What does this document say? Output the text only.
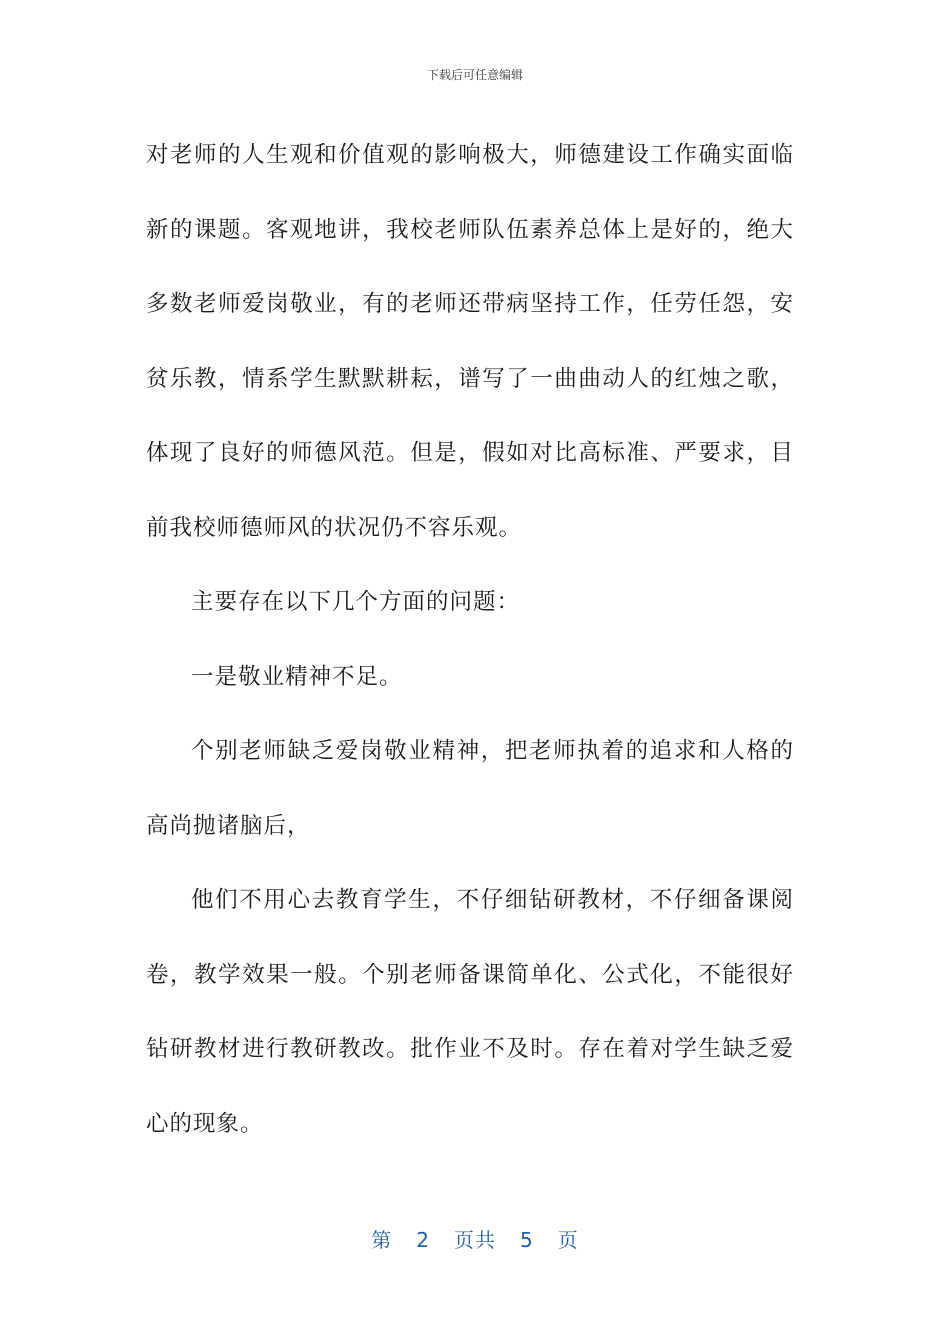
下载后可任意编辑

对老师的人生观和价值观的影响极大，师德建设工作确实面临新的课题。客观地讲，我校老师队伍素养总体上是好的，绝大多数老师爱岗敬业，有的老师还带病坚持工作，任劳任怨，安贫乐教，情系学生默默耕耘，谱写了一曲曲动人的红烛之歌，体现了良好的师德风范。但是，假如对比高标准、严要求，目前我校师德师风的状况仍不容乐观。

主要存在以下几个方面的问题：

一是敬业精神不足。

个别老师缺乏爱岗敬业精神，把老师执着的追求和人格的高尚抛诸脑后，

他们不用心去教育学生，不仔细钻研教材，不仔细备课阅卷，教学效果一般。个别老师备课简单化、公式化，不能很好钻研教材进行教研教改。批作业不及时。存在着对学生缺乏爱心的现象。

第 2 页共 5 页
